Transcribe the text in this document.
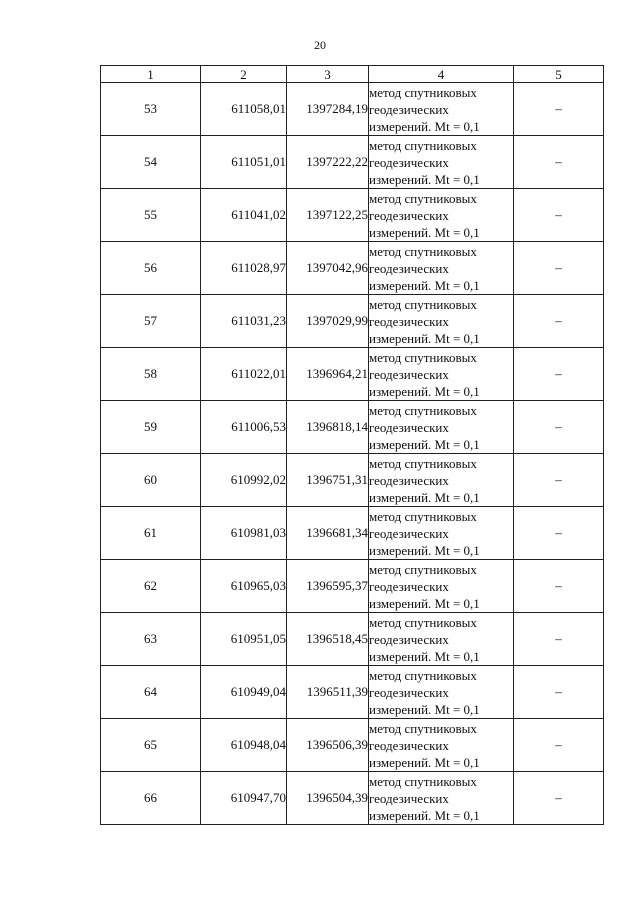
20
1	2	3	4	5
53	611058,01	1397284,19	метод спутниковых
геодезических
измерений. Mt = 0,1	–
54	611051,01	1397222,22	метод спутниковых
геодезических
измерений. Mt = 0,1	–
55	611041,02	1397122,25	метод спутниковых
геодезических
измерений. Mt = 0,1	–
56	611028,97	1397042,96	метод спутниковых
геодезических
измерений. Mt = 0,1	–
57	611031,23	1397029,99	метод спутниковых
геодезических
измерений. Mt = 0,1	–
58	611022,01	1396964,21	метод спутниковых
геодезических
измерений. Mt = 0,1	–
59	611006,53	1396818,14	метод спутниковых
геодезических
измерений. Mt = 0,1	–
60	610992,02	1396751,31	метод спутниковых
геодезических
измерений. Mt = 0,1	–
61	610981,03	1396681,34	метод спутниковых
геодезических
измерений. Mt = 0,1	–
62	610965,03	1396595,37	метод спутниковых
геодезических
измерений. Mt = 0,1	–
63	610951,05	1396518,45	метод спутниковых
геодезических
измерений. Mt = 0,1	–
64	610949,04	1396511,39	метод спутниковых
геодезических
измерений. Mt = 0,1	–
65	610948,04	1396506,39	метод спутниковых
геодезических
измерений. Mt = 0,1	–
66	610947,70	1396504,39	метод спутниковых
геодезических
измерений. Mt = 0,1	–
